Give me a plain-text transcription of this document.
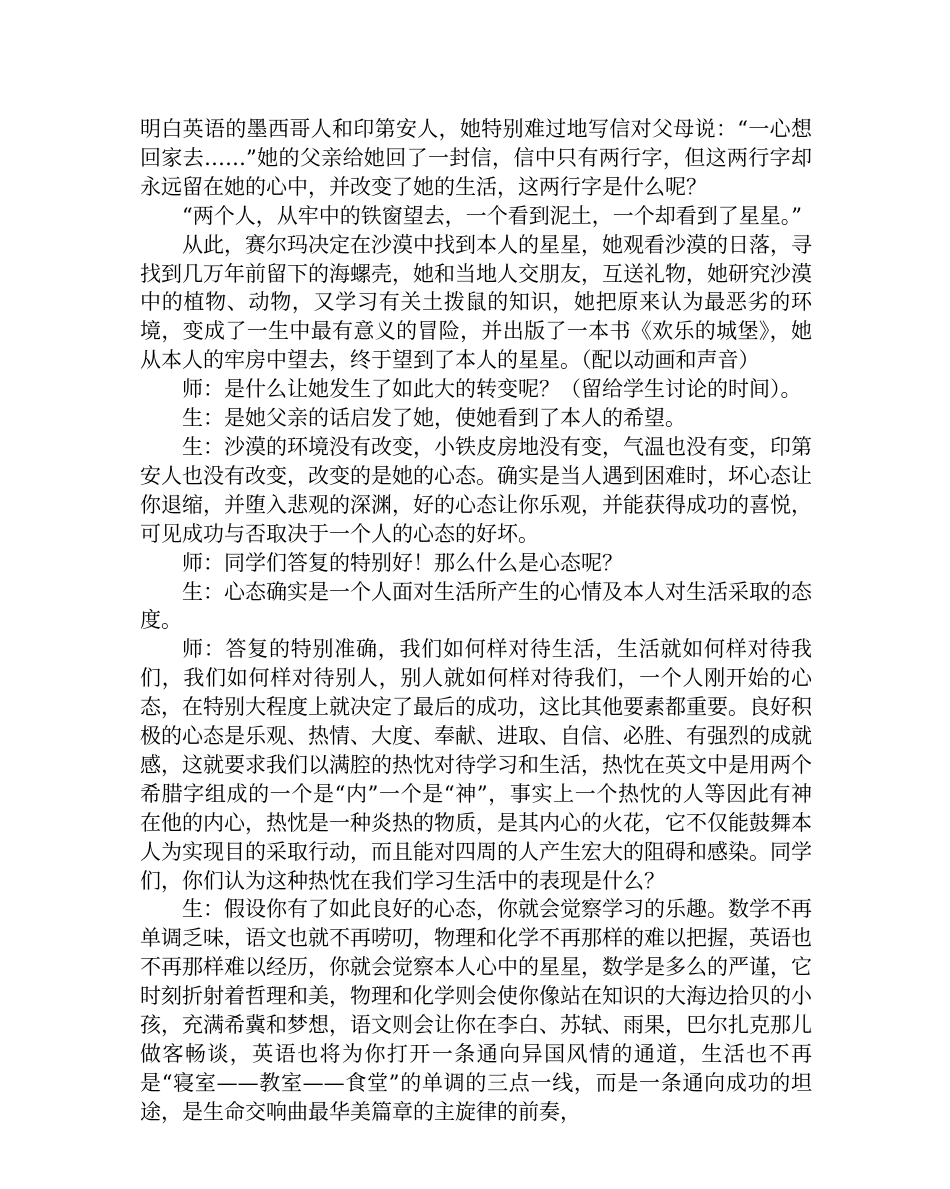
明白英语的墨西哥人和印第安人，她特别难过地写信对父母说：“一心想回家去……”她的父亲给她回了一封信，信中只有两行字，但这两行字却永远留在她的心中，并改变了她的生活，这两行字是什么呢？

“两个人，从牢中的铁窗望去，一个看到泥土，一个却看到了星星。”

从此，赛尔玛决定在沙漠中找到本人的星星，她观看沙漠的日落，寻找到几万年前留下的海螺壳，她和当地人交朋友，互送礼物，她研究沙漠中的植物、动物，又学习有关土拨鼠的知识，她把原来认为最恶劣的环境，变成了一生中最有意义的冒险，并出版了一本书《欢乐的城堡》，她从本人的牢房中望去，终于望到了本人的星星。（配以动画和声音）

师：是什么让她发生了如此大的转变呢？（留给学生讨论的时间）。

生：是她父亲的话启发了她，使她看到了本人的希望。

生：沙漠的环境没有改变，小铁皮房地没有变，气温也没有变，印第安人也没有改变，改变的是她的心态。确实是当人遇到困难时，坏心态让你退缩，并堕入悲观的深渊，好的心态让你乐观，并能获得成功的喜悦，可见成功与否取决于一个人的心态的好坏。

师：同学们答复的特别好！那么什么是心态呢？

生：心态确实是一个人面对生活所产生的心情及本人对生活采取的态度。

师：答复的特别准确，我们如何样对待生活，生活就如何样对待我们，我们如何样对待别人，别人就如何样对待我们，一个人刚开始的心态，在特别大程度上就决定了最后的成功，这比其他要素都重要。良好积极的心态是乐观、热情、大度、奉献、进取、自信、必胜、有强烈的成就感，这就要求我们以满腔的热忱对待学习和生活，热忱在英文中是用两个希腊字组成的一个是“内”一个是“神”，事实上一个热忱的人等因此有神在他的内心，热忱是一种炎热的物质，是其内心的火花，它不仅能鼓舞本人为实现目的采取行动，而且能对四周的人产生宏大的阻碍和感染。同学们，你们认为这种热忱在我们学习生活中的表现是什么？

生：假设你有了如此良好的心态，你就会觉察学习的乐趣。数学不再单调乏味，语文也就不再唠叨，物理和化学不再那样的难以把握，英语也不再那样难以经历，你就会觉察本人心中的星星，数学是多么的严谨，它时刻折射着哲理和美，物理和化学则会使你像站在知识的大海边拾贝的小孩，充满希冀和梦想，语文则会让你在李白、苏轼、雨果，巴尔扎克那儿做客畅谈，英语也将为你打开一条通向异国风情的通道，生活也不再是“寝室——教室——食堂”的单调的三点一线，而是一条通向成功的坦途，是生命交响曲最华美篇章的主旋律的前奏，
